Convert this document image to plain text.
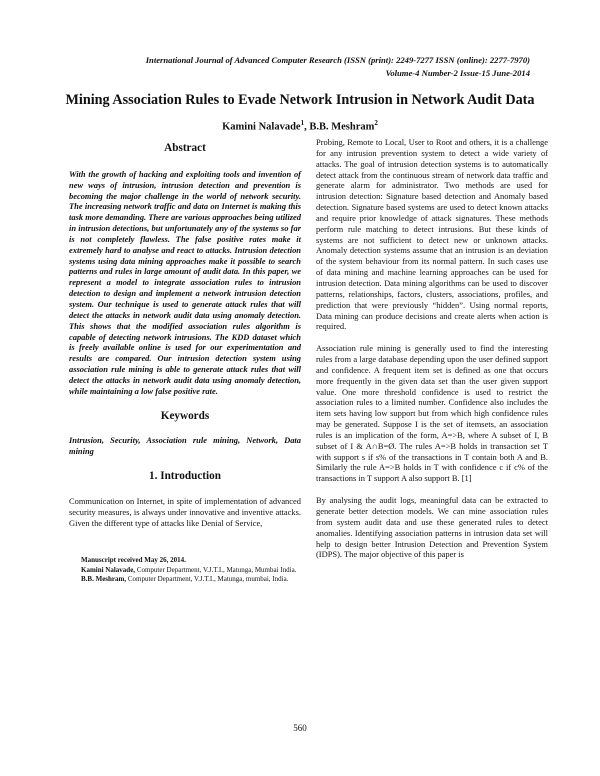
International Journal of Advanced Computer Research (ISSN (print): 2249-7277 ISSN (online): 2277-7970)
Volume-4 Number-2 Issue-15 June-2014
Mining Association Rules to Evade Network Intrusion in Network Audit Data
Kamini Nalavade$^1$, B.B. Meshram$^2$
Abstract

With the growth of hacking and exploiting tools and invention of new ways of intrusion, intrusion detection and prevention is becoming the major challenge in the world of network security. The increasing network traffic and data on Internet is making this task more demanding. There are various approaches being utilized in intrusion detections, but unfortunately any of the systems so far is not completely flawless. The false positive rates make it extremely hard to analyse and react to attacks. Intrusion detection systems using data mining approaches make it possible to search patterns and rules in large amount of audit data. In this paper, we represent a model to integrate association rules to intrusion detection to design and implement a network intrusion detection system. Our technique is used to generate attack rules that will detect the attacks in network audit data using anomaly detection. This shows that the modified association rules algorithm is capable of detecting network intrusions. The KDD dataset which is freely available online is used for our experimentation and results are compared. Our intrusion detection system using association rule mining is able to generate attack rules that will detect the attacks in network audit data using anomaly detection, while maintaining a low false positive rate.

Keywords

Intrusion, Security, Association rule mining, Network, Data mining

1. Introduction

Communication on Internet, in spite of implementation of advanced security measures, is always under innovative and inventive attacks. Given the different type of attacks like Denial of Service,

Manuscript received May 26, 2014.

Kamini Nalavade, Computer Department, V.J.T.I., Matunga, Mumbai India.

B.B. Meshram, Computer Department, V.J.T.I., Matunga, mumbai, India.

Probing, Remote to Local, User to Root and others, it is a challenge for any intrusion prevention system to detect a wide variety of attacks. The goal of intrusion detection systems is to automatically detect attack from the continuous stream of network data traffic and generate alarm for administrator. Two methods are used for intrusion detection: Signature based detection and Anomaly based detection. Signature based systems are used to detect known attacks and require prior knowledge of attack signatures. These methods perform rule matching to detect intrusions. But these kinds of systems are not sufficient to detect new or unknown attacks. Anomaly detection systems assume that an intrusion is an deviation of the system behaviour from its normal pattern. In such cases use of data mining and machine learning approaches can be used for intrusion detection. Data mining algorithms can be used to discover patterns, relationships, factors, clusters, associations, profiles, and prediction that were previously “hidden”. Using normal reports, Data mining can produce decisions and create alerts when action is required.

Association rule mining is generally used to find the interesting rules from a large database depending upon the user defined support and confidence. A frequent item set is defined as one that occurs more frequently in the given data set than the user given support value. One more threshold confidence is used to restrict the association rules to a limited number. Confidence also includes the item sets having low support but from which high confidence rules may be generated. Suppose I is the set of itemsets, an association rules is an implication of the form, A=>B, where A subset of I, B subset of I & A∩B=Ø. The rules A=>B holds in transaction set T with support s if s% of the transactions in T contain both A and B. Similarly the rule A=>B holds in T with confidence c if c% of the transactions in T support A also support B. [1]

By analysing the audit logs, meaningful data can be extracted to generate better detection models. We can mine association rules from system audit data and use these generated rules to detect anomalies. Identifying association patterns in intrusion data set will help to design better Intrusion Detection and Prevention System (IDPS). The major objective of this paper is

560
